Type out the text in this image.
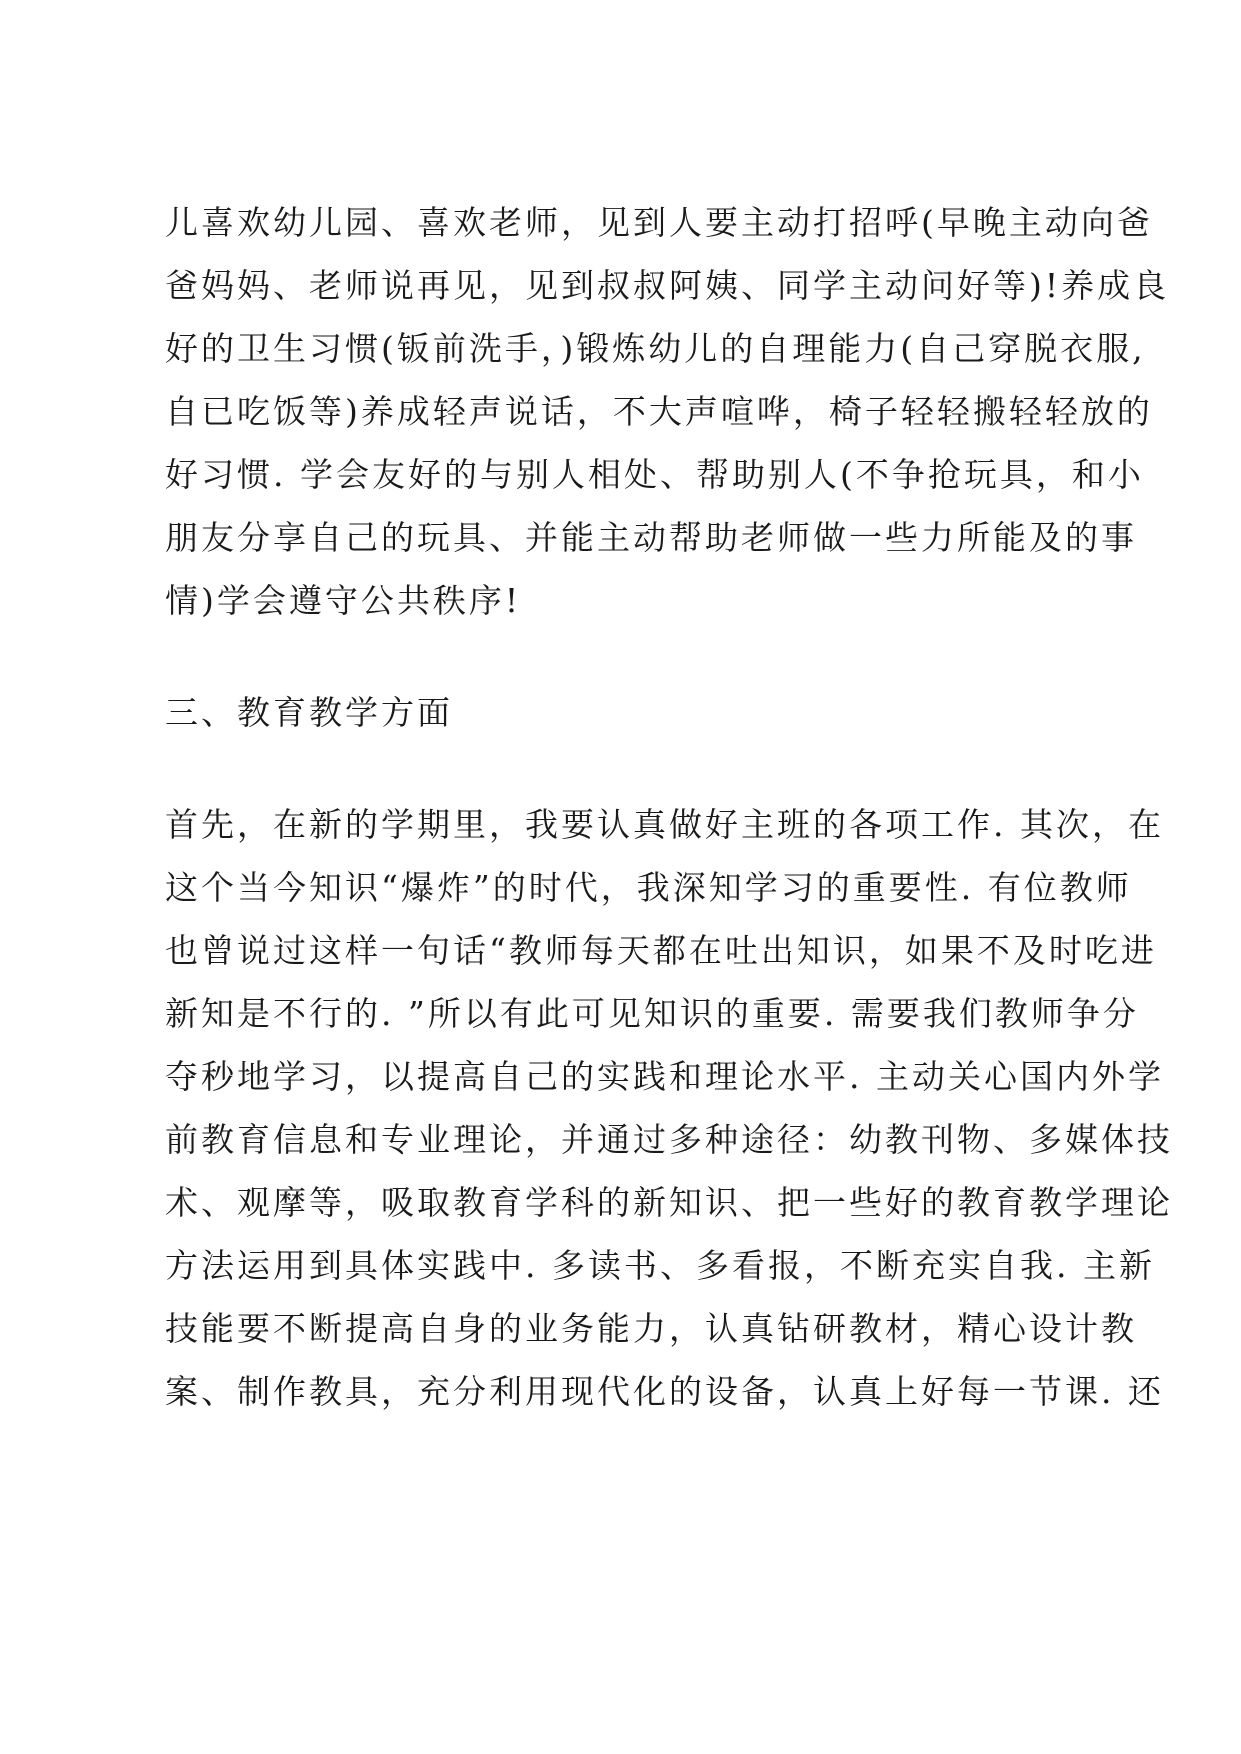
儿喜欢幼儿园、喜欢老师，见到人要主动打招呼(早晚主动向爸
爸妈妈、老师说再见，见到叔叔阿姨、同学主动问好等)!养成良
好的卫生习惯(钣前洗手，)锻炼幼儿的自理能力(自己穿脱衣服,
自已吃饭等)养成轻声说话，不大声喧哗，椅子轻轻搬轻轻放的
好习惯. 学会友好的与别人相处、帮助别人(不争抢玩具，和小
朋友分享自己的玩具、并能主动帮助老师做一些力所能及的事
情)学会遵守公共秩序!
三、教育教学方面
首先，在新的学期里，我要认真做好主班的各项工作. 其次，在
这个当今知识“爆炸”的时代，我深知学习的重要性. 有位教师
也曾说过这样一句话“教师每天都在吐出知识，如果不及时吃进
新知是不行的. ”所以有此可见知识的重要. 需要我们教师争分
夺秒地学习，以提高自己的实践和理论水平. 主动关心国内外学
前教育信息和专业理论，并通过多种途径：幼教刊物、多媒体技
术、观摩等，吸取教育学科的新知识、把一些好的教育教学理论
方法运用到具体实践中. 多读书、多看报，不断充实自我. 主新
技能要不断提高自身的业务能力，认真钻研教材，精心设计教
案、制作教具，充分利用现代化的设备，认真上好每一节课. 还
